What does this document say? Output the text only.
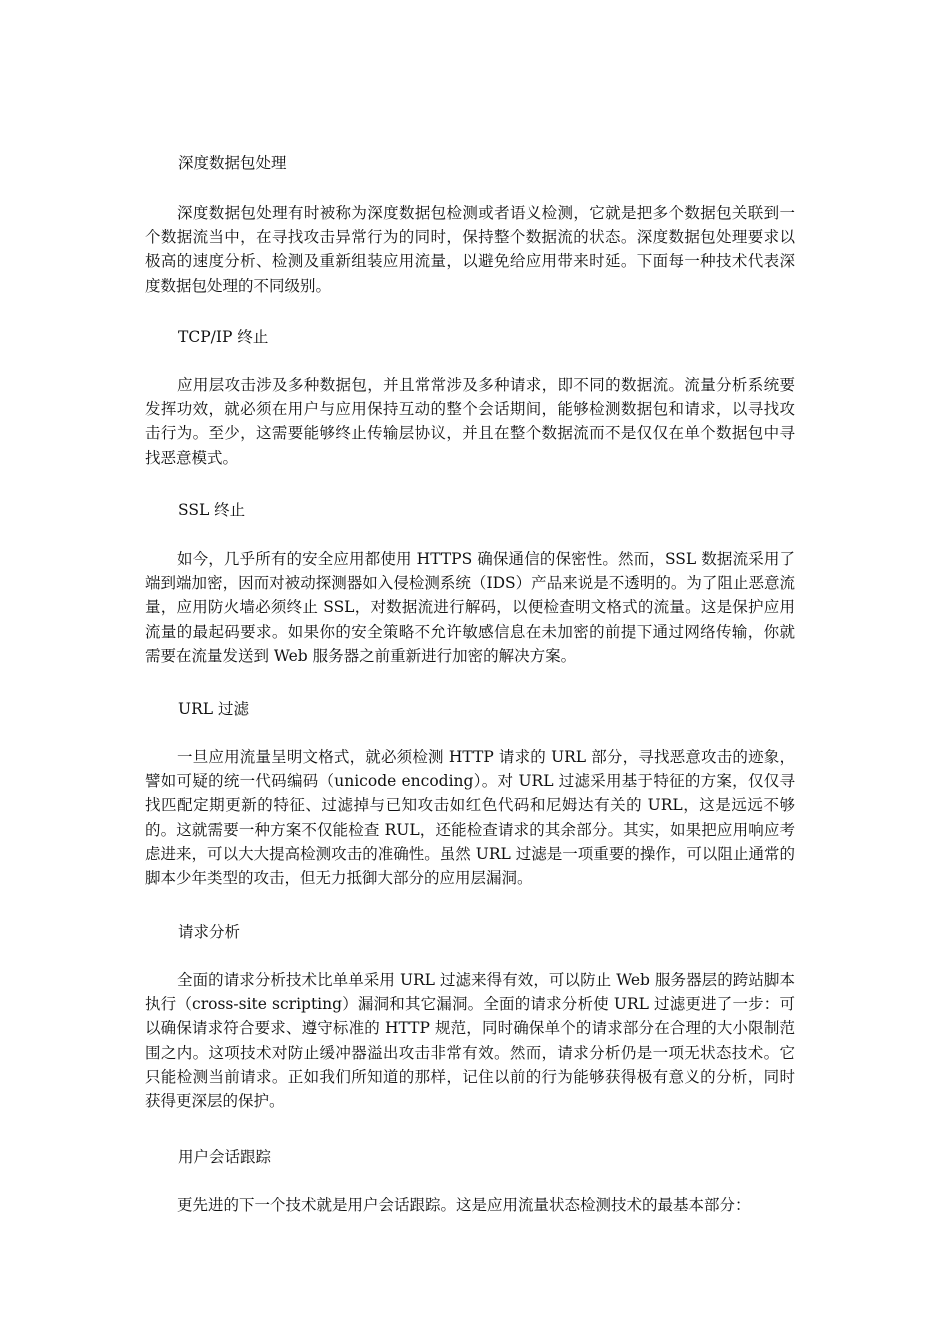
深度数据包处理

深度数据包处理有时被称为深度数据包检测或者语义检测，它就是把多个数据包关联到一个数据流当中，在寻找攻击异常行为的同时，保持整个数据流的状态。深度数据包处理要求以极高的速度分析、检测及重新组装应用流量，以避免给应用带来时延。下面每一种技术代表深度数据包处理的不同级别。

TCP/IP 终止

应用层攻击涉及多种数据包，并且常常涉及多种请求，即不同的数据流。流量分析系统要发挥功效，就必须在用户与应用保持互动的整个会话期间，能够检测数据包和请求，以寻找攻击行为。至少，这需要能够终止传输层协议，并且在整个数据流而不是仅仅在单个数据包中寻找恶意模式。

SSL 终止

如今，几乎所有的安全应用都使用 HTTPS 确保通信的保密性。然而，SSL 数据流采用了端到端加密，因而对被动探测器如入侵检测系统（IDS）产品来说是不透明的。为了阻止恶意流量，应用防火墙必须终止 SSL，对数据流进行解码，以便检查明文格式的流量。这是保护应用流量的最起码要求。如果你的安全策略不允许敏感信息在未加密的前提下通过网络传输，你就需要在流量发送到 Web 服务器之前重新进行加密的解决方案。

URL 过滤

一旦应用流量呈明文格式，就必须检测 HTTP 请求的 URL 部分，寻找恶意攻击的迹象，譬如可疑的统一代码编码（unicode encoding）。对 URL 过滤采用基于特征的方案，仅仅寻找匹配定期更新的特征、过滤掉与已知攻击如红色代码和尼姆达有关的 URL，这是远远不够的。这就需要一种方案不仅能检查 RUL，还能检查请求的其余部分。其实，如果把应用响应考虑进来，可以大大提高检测攻击的准确性。虽然 URL 过滤是一项重要的操作，可以阻止通常的脚本少年类型的攻击，但无力抵御大部分的应用层漏洞。

请求分析

全面的请求分析技术比单单采用 URL 过滤来得有效，可以防止 Web 服务器层的跨站脚本执行（cross-site scripting）漏洞和其它漏洞。全面的请求分析使 URL 过滤更进了一步：可以确保请求符合要求、遵守标准的 HTTP 规范，同时确保单个的请求部分在合理的大小限制范围之内。这项技术对防止缓冲器溢出攻击非常有效。然而，请求分析仍是一项无状态技术。它只能检测当前请求。正如我们所知道的那样，记住以前的行为能够获得极有意义的分析，同时获得更深层的保护。

用户会话跟踪

更先进的下一个技术就是用户会话跟踪。这是应用流量状态检测技术的最基本部分：
